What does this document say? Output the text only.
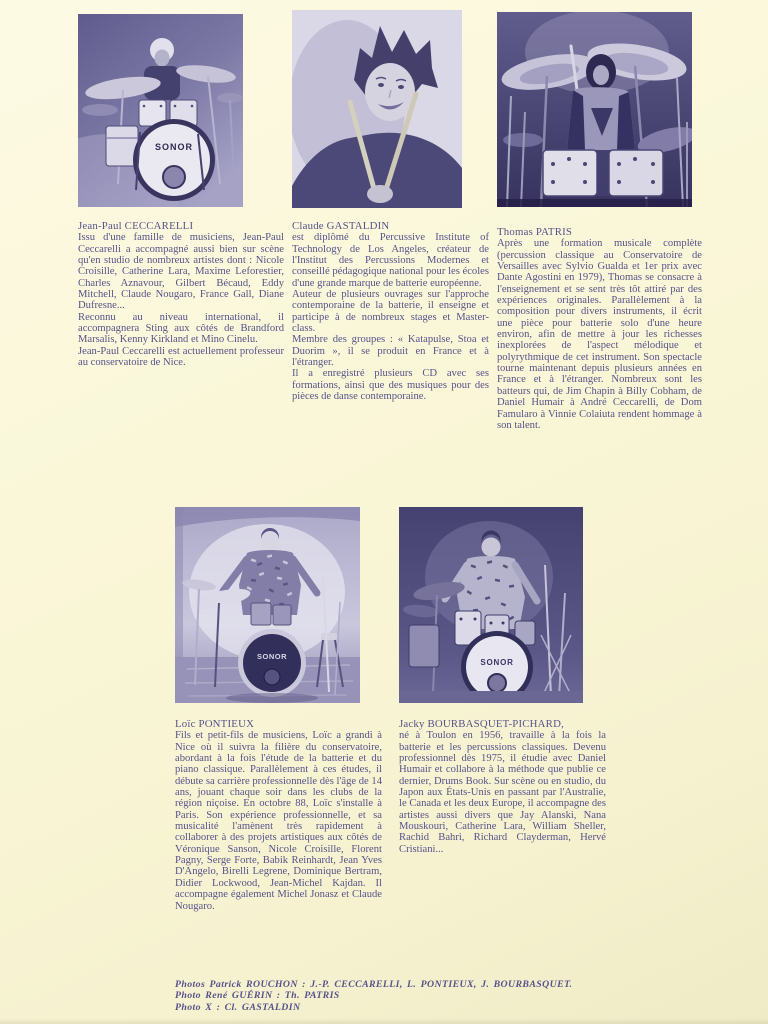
SONOR
SONOR
SONOR
Jean-Paul CECCARELLI

Issu d'une famille de musiciens, Jean-Paul Ceccarelli a accompagné aussi bien sur scène qu'en studio de nombreux artistes dont : Nicole Croisille, Catherine Lara, Maxime Leforestier, Charles Aznavour, Gilbert Bécaud, Eddy Mitchell, Claude Nougaro, France Gall, Diane Dufresne...

Reconnu au niveau international, il accompagnera Sting aux côtés de Brandford Marsalis, Kenny Kirkland et Mino Cinelu.

Jean-Paul Ceccarelli est actuellement professeur au conservatoire de Nice.

Claude GASTALDIN

est diplômé du Percussive Institute of Technology de Los Angeles, créateur de l'Institut des Percussions Modernes et conseillé pédagogique national pour les écoles d'une grande marque de batterie européenne.

Auteur de plusieurs ouvrages sur l'approche contemporaine de la batterie, il enseigne et participe à de nombreux stages et Master-class.

Membre des groupes : « Katapulse, Stoa et Duorim », il se produit en France et à l'étranger.

Il a enregistré plusieurs CD avec ses formations, ainsi que des musiques pour des pièces de danse contemporaine.

Thomas PATRIS

Après une formation musicale complète (percussion classique au Conservatoire de Versailles avec Sylvio Gualda et 1er prix avec Dante Agostini en 1979), Thomas se consacre à l'enseignement et se sent très tôt attiré par des expériences originales. Parallèlement à la composition pour divers instruments, il écrit une pièce pour batterie solo d'une heure environ, afin de mettre à jour les richesses inexplorées de l'aspect mélodique et polyrythmique de cet instrument. Son spectacle tourne maintenant depuis plusieurs années en France et à l'étranger. Nombreux sont les batteurs qui, de Jim Chapin à Billy Cobham, de Daniel Humair à André Ceccarelli, de Dom Famularo à Vinnie Colaiuta rendent hommage à son talent.

Loïc PONTIEUX

Fils et petit-fils de musiciens, Loïc a grandi à Nice où il suivra la filière du conservatoire, abordant à la fois l'étude de la batterie et du piano classique. Parallèlement à ces études, il débute sa carrière professionnelle dès l'âge de 14 ans, jouant chaque soir dans les clubs de la région niçoise. En octobre 88, Loïc s'installe à Paris. Son expérience professionnelle, et sa musicalité l'amènent très rapidement à collaborer à des projets artistiques aux côtés de Véronique Sanson, Nicole Croisille, Florent Pagny, Serge Forte, Babik Reinhardt, Jean Yves D'Angelo, Birelli Legrene, Dominique Bertram, Didier Lockwood, Jean-Michel Kajdan. Il accompagne également Michel Jonasz et Claude Nougaro.

Jacky BOURBASQUET-PICHARD,

né à Toulon en 1956, travaille à la fois la batterie et les percussions classiques. Devenu professionnel dès 1975, il étudie avec Daniel Humair et collabore à la méthode que publie ce dernier, Drums Book. Sur scène ou en studio, du Japon aux États-Unis en passant par l'Australie, le Canada et les deux Europe, il accompagne des artistes aussi divers que Jay Alanski, Nana Mouskouri, Catherine Lara, William Sheller, Rachid Bahri, Richard Clayderman, Hervé Cristiani...

Photos Patrick ROUCHON : J.-P. CECCARELLI, L. PONTIEUX, J. BOURBASQUET.
Photo René GUÉRIN : Th. PATRIS
Photo X : Cl. GASTALDIN
